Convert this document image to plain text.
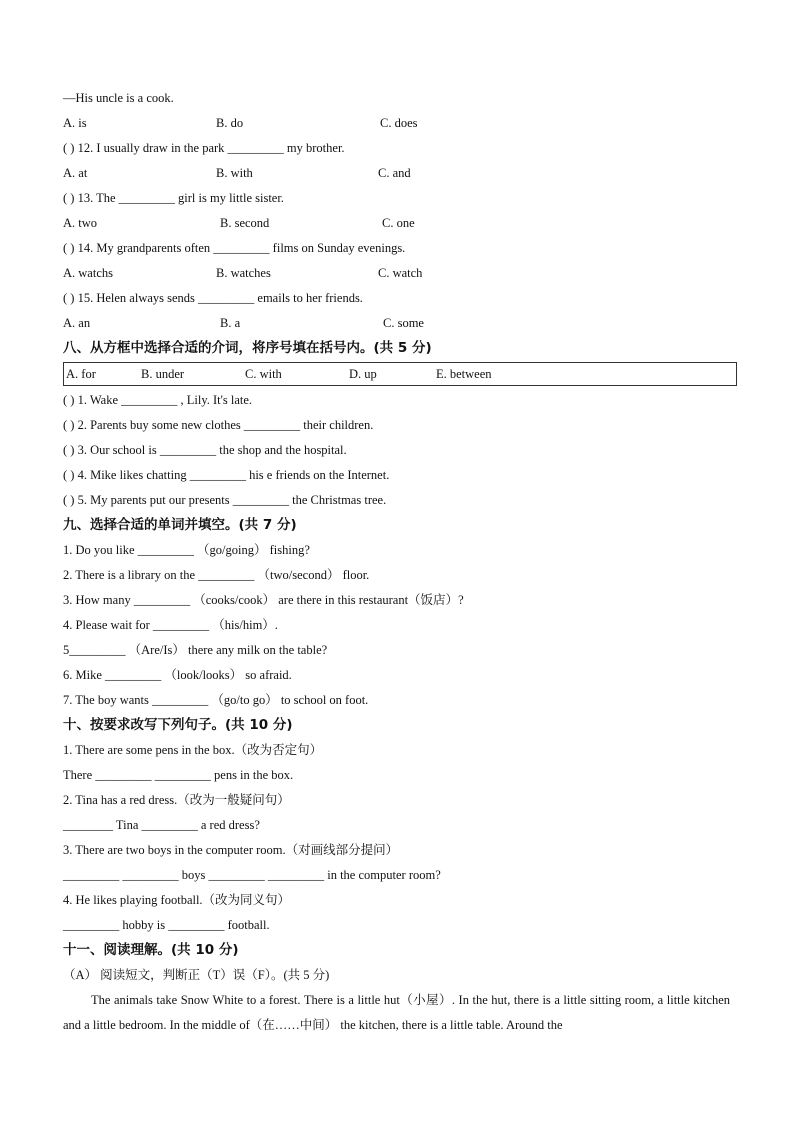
—His uncle is a cook.
A. is	B. do	C. does
( ) 12. I usually draw in the park _________ my brother.
A. at	B. with	C. and
( ) 13. The _________ girl is my little sister.
A. two	B. second	C. one
( ) 14. My grandparents often _________ films on Sunday evenings.
A. watchs	B. watches	C. watch
( ) 15. Helen always sends _________ emails to her friends.
A. an	B. a	C. some
八、从方框中选择合适的介词，将序号填在括号内。(共 5 分)
A. for	B. under	C. with	D. up	E. between
( ) 1. Wake _________ , Lily. It's late.
( ) 2. Parents buy some new clothes _________ their children.
( ) 3. Our school is _________ the shop and the hospital.
( ) 4. Mike likes chatting _________ his e friends on the Internet.
( ) 5. My parents put our presents _________ the Christmas tree.
九、选择合适的单词并填空。(共 7 分)
1. Do you like _________ （go/going） fishing?
2. There is a library on the _________ （two/second） floor.
3. How many _________ （cooks/cook） are there in this restaurant（饭店）?
4. Please wait for _________ （his/him）.
5_________ （Are/Is） there any milk on the table?
6. Mike _________ （look/looks） so afraid.
7. The boy wants _________ （go/to go） to school on foot.
十、按要求改写下列句子。(共 10 分)
1. There are some pens in the box.（改为否定句）
There _________ _________ pens in the box.
2. Tina has a red dress.（改为一般疑问句）
________ Tina _________ a red dress?
3. There are two boys in the computer room.（对画线部分提问）
_________ _________ boys _________ _________ in the computer room?
4. He likes playing football.（改为同义句）
_________ hobby is _________ football.
十一、阅读理解。(共 10 分)
（A） 阅读短文，判断正（T）误（F）。(共 5 分)
The animals take Snow White to a forest. There is a little hut（小屋）. In the hut, there is a little sitting room, a little kitchen and a little bedroom. In the middle of（在……中间） the kitchen, there is a little table. Around the
